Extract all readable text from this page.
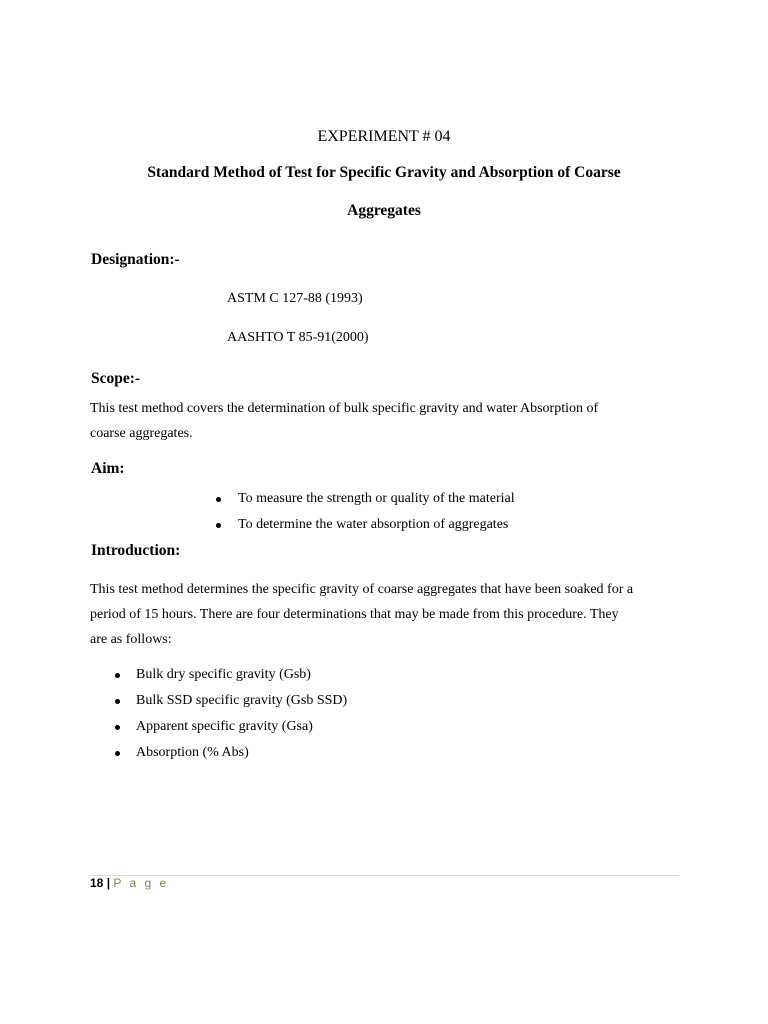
EXPERIMENT # 04

Standard Method of Test for Specific Gravity and Absorption of Coarse

Aggregates

Designation:-

ASTM C 127-88 (1993)

AASHTO T 85-91(2000)

Scope:-

This test method covers the determination of bulk specific gravity and water Absorption of
coarse aggregates.

Aim:

To measure the strength or quality of the material
To determine the water absorption of aggregates

Introduction:

This test method determines the specific gravity of coarse aggregates that have been soaked for a
period of 15 hours. There are four determinations that may be made from this procedure. They
are as follows:
Bulk dry specific gravity (Gsb)
Bulk SSD specific gravity (Gsb SSD)
Apparent specific gravity (Gsa)
Absorption (% Abs)
18 | P a g e
